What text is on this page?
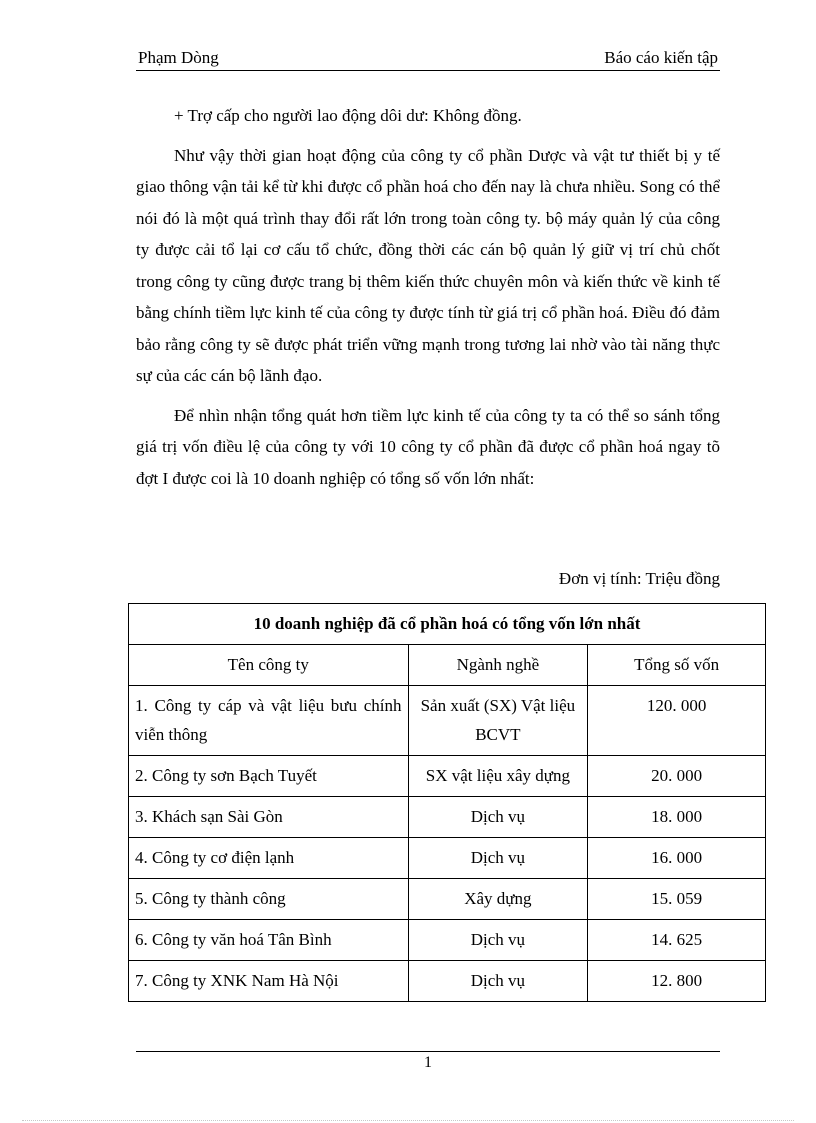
Phạm Dòng	Báo cáo kiến tập

+ Trợ cấp cho người lao động dôi dư: Không đồng.

Như vậy thời gian hoạt động của công ty cổ phần Dược và vật tư thiết bị y tế giao thông vận tải kể từ khi được cổ phần hoá cho đến nay là chưa nhiều. Song có thể nói đó là một quá trình thay đổi rất lớn trong toàn công ty. bộ máy quản lý của công ty được cải tổ lại cơ cấu tổ chức, đồng thời các cán bộ quản lý giữ vị trí chủ chốt trong công ty cũng được trang bị thêm kiến thức chuyên môn và kiến thức về kinh tế bằng chính tiềm lực kinh tế của công ty được tính từ giá trị cổ phần hoá. Điều đó đảm bảo rằng công ty sẽ được phát triển vững mạnh trong tương lai nhờ vào tài năng thực sự của các cán bộ lãnh đạo.

Để nhìn nhận tổng quát hơn tiềm lực kinh tế của công ty ta có thể so sánh tổng giá trị vốn điều lệ của công ty với 10 công ty cổ phần đã được cổ phần hoá ngay tõ đợt I được coi là 10 doanh nghiệp có tổng số vốn lớn nhất:

Đơn vị tính: Triệu đồng
10 doanh nghiệp đã cổ phần hoá có tổng vốn lớn nhất		
Tên công ty	Ngành nghề	Tổng số vốn
1. Công ty cáp và vật liệu bưu chính viễn thông	Sản xuất (SX) Vật liệu BCVT	120. 000
2. Công ty sơn Bạch Tuyết	SX vật liệu xây dựng	20. 000
3. Khách sạn Sài Gòn	Dịch vụ	18. 000
4. Công ty cơ điện lạnh	Dịch vụ	16. 000
5. Công ty thành công	Xây dựng	15. 059
6. Công ty văn hoá Tân Bình	Dịch vụ	14. 625
7. Công ty XNK Nam Hà Nội	Dịch vụ	12. 800
1
